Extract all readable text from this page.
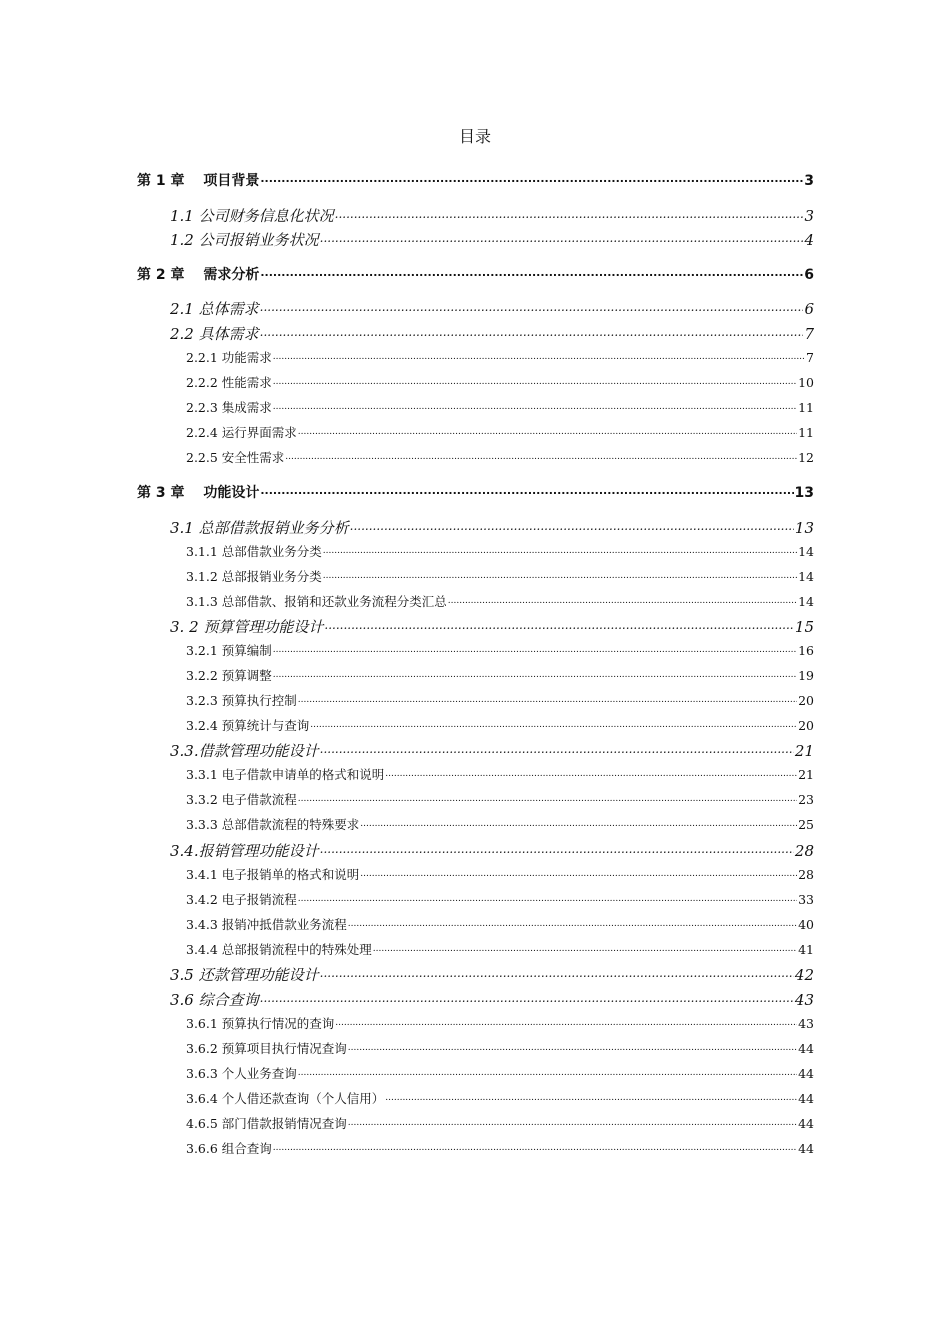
目录
第 1 章　 项目背景 .....	3
1.1 公司财务信息化状况 .....	3
1.2 公司报销业务状况 .....	4
第 2 章　 需求分析 .....	6
2.1 总体需求 .....	6
2.2 具体需求 .....	7
2.2.1 功能需求 .....	7
2.2.2 性能需求 .....	10
2.2.3 集成需求 .....	11
2.2.4 运行界面需求 .....	11
2.2.5 安全性需求 .....	12
第 3 章　 功能设计 .....	13
3.1 总部借款报销业务分析 .....	13
3.1.1 总部借款业务分类 .....	14
3.1.2 总部报销业务分类 .....	14
3.1.3 总部借款、报销和还款业务流程分类汇总 .....	14
3. 2 预算管理功能设计 .....	15
3.2.1 预算编制 .....	16
3.2.2 预算调整 .....	19
3.2.3 预算执行控制 .....	20
3.2.4 预算统计与查询 .....	20
3.3.借款管理功能设计 .....	21
3.3.1 电子借款申请单的格式和说明 .....	21
3.3.2 电子借款流程 .....	23
3.3.3 总部借款流程的特殊要求 .....	25
3.4.报销管理功能设计 .....	28
3.4.1 电子报销单的格式和说明 .....	28
3.4.2 电子报销流程 .....	33
3.4.3 报销冲抵借款业务流程 .....	40
3.4.4 总部报销流程中的特殊处理 .....	41
3.5 还款管理功能设计 .....	42
3.6 综合查询 .....	43
3.6.1 预算执行情况的查询 .....	43
3.6.2 预算项目执行情况查询 .....	44
3.6.3 个人业务查询 .....	44
3.6.4 个人借还款查询（个人信用） .....	44
4.6.5 部门借款报销情况查询 .....	44
3.6.6 组合查询 .....	44
